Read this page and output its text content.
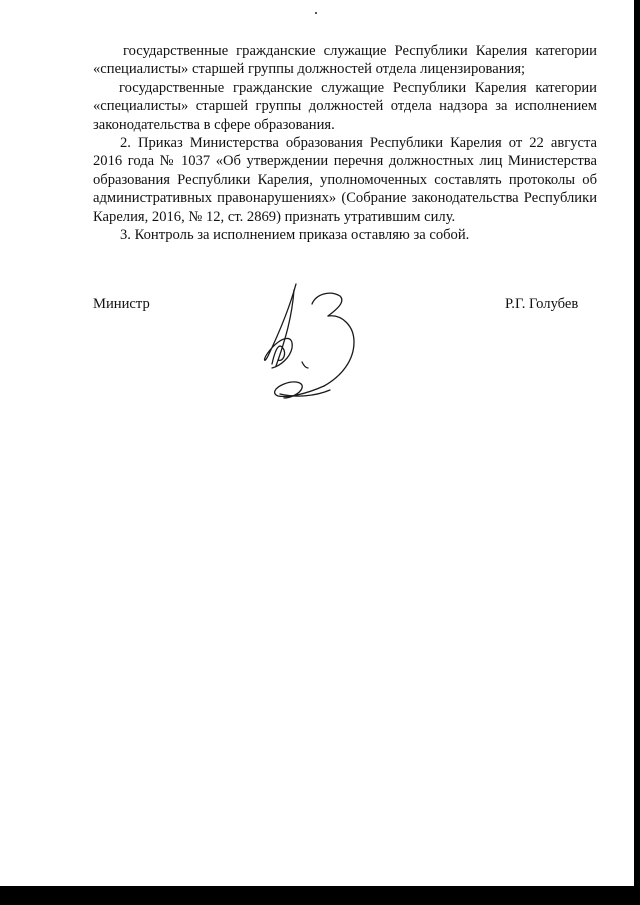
государственные гражданские служащие Республики Карелия категории «специалисты» старшей группы должностей отдела лицензирования;

государственные гражданские служащие Республики Карелия категории «специалисты» старшей группы должностей отдела надзора за исполнением законодательства в сфере образования.

2. Приказ Министерства образования Республики Карелия от 22 августа 2016 года № 1037 «Об утверждении перечня должностных лиц Министерства образования Республики Карелия, уполномоченных составлять протоколы об административных правонарушениях» (Собрание законодательства Республики Карелия, 2016, № 12, ст. 2869) признать утратившим силу.

3. Контроль за исполнением приказа оставляю за собой.

Министр	Р.Г. Голубев
